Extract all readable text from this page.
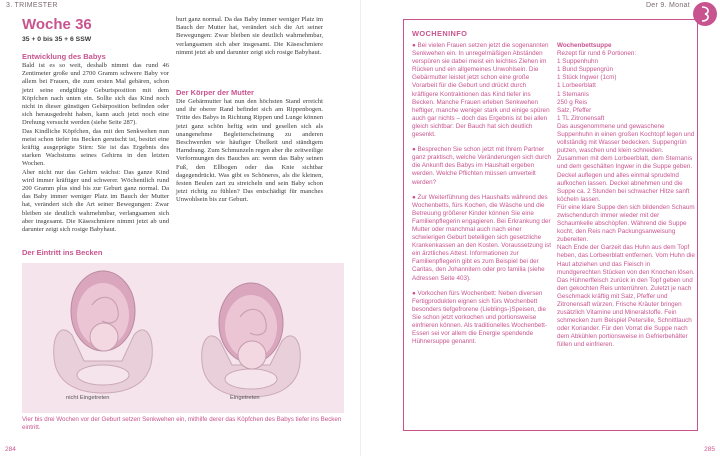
3. TRIMESTER	Der 9. Monat
Woche 36
35 + 0 bis 35 + 6 SSW
Entwicklung des Babys

Bald ist es so weit, deshalb nimmt das rund 46 Zentimeter große und 2700 Gramm schwere Baby vor allem bei Frauen, die zum ersten Mal gebären, schon jetzt seine endgültige Geburtsposition mit dem Köpfchen nach unten ein. Sollte sich das Kind noch nicht in dieser günstigen Gebärposition befinden oder sich herausgedreht haben, kann auch jetzt noch eine Drehung versucht werden (siehe Seite 287).

Das Kindliche Köpfchen, das mit den Senkwehen nun meist schon tiefer ins Becken gerutscht ist, besitzt eine kräftig ausgeprägte Stirn: Sie ist das Ergebnis des starken Wachstums seines Gehirns in den letzten Wochen.

Aber nicht nur das Gehirn wächst: Das ganze Kind wird immer kräftiger und schwerer. Wöchentlich rund 200 Gramm plus sind bis zur Geburt ganz normal. Da das Baby immer weniger Platz im Bauch der Mutter hat, verändert sich die Art seiner Bewegungen: Zwar bleiben sie deutlich wahrnehmbar, verlangsamen sich aber insgesamt. Die Käseschmiere nimmt jetzt ab und darunter zeigt sich rosige Babyhaut.

burt ganz normal. Da das Baby immer weniger Platz im Bauch der Mutter hat, verändert sich die Art seiner Bewegungen: Zwar bleiben sie deutlich wahrnehmbar, verlangsamen sich aber insgesamt. Die Käseschmiere nimmt jetzt ab und darunter zeigt sich rosige Babyhaut.

Der Körper der Mutter

Die Gebärmutter hat nun den höchsten Stand erreicht und ihr oberer Rand befindet sich am Rippenbogen. Tritte des Babys in Richtung Rippen und Lunge können jetzt ganz schön heftig sein und gesellen sich als unangenehme Begleiterscheinung zu anderen Beschwerden wie häufiger Übelkeit und ständigem Harndrang. Zum Schmunzeln regen aber die zeitweilige Verformungen des Bauches an: wenn das Baby seinen Fuß, den Ellbogen oder das Knie sichtbar dagegendrückt. Was gibt es Schöneres, als die kleinen, festen Beulen zart zu streicheln und sein Baby schon jetzt richtig zu fühlen? Das entschädigt für manches Unwohlsein bis zur Geburt.

Der Eintritt ins Becken
nicht Eingetreten	Eingetreten
Vier bis drei Wochen vor der Geburt setzen Senkwehen ein, mithilfe derer das Köpfchen des Babys tiefer ins Becken eintritt.
284
WOCHENINFO

● Bei vielen Frauen setzen jetzt die sogenannten Senkwehen ein. In unregelmäßigen Abständen verspüren sie dabei meist ein leichtes Ziehen im Rücken und ein allgemeines Unwohlsein. Die Gebärmutter leistet jetzt schon eine große Vorarbeit für die Geburt und drückt durch kräftigere Kontraktionen das Kind tiefer ins Becken. Manche Frauen erleben Senkwehen heftiger, manche weniger stark und einige spüren auch gar nichts – doch das Ergebnis ist bei allen gleich sichtbar: Der Bauch hat sich deutlich gesenkt.

● Besprechen Sie schon jetzt mit Ihrem Partner ganz praktisch, welche Veränderungen sich durch die Ankunft des Babys im Haushalt ergeben werden. Welche Pflichten müssen umverteilt werden?

● Zur Weiterführung des Haushalts während des Wochenbetts, fürs Kochen, die Wäsche und die Betreuung größerer Kinder können Sie eine Familienpflegerin engagieren. Bei Erkrankung der Mutter oder manchmal auch nach einer schwierigen Geburt beteiligen sich gesetzliche Krankenkassen an den Kosten. Voraussetzung ist ein ärztliches Attest. Informationen zur Familienpflegerin gibt es zum Beispiel bei der Caritas, den Johannitern oder pro familia (siehe Adressen Seite 403).

● Vorkochen fürs Wochenbett: Neben diversen Fertigprodukten eignen sich fürs Wochenbett besonders tiefgefrorene (Lieblings-)Speisen, die Sie schon jetzt vorkochen und portionsweise einfrieren können. Als traditionelles Wochenbett-Essen sei vor allem die Energie spendende Hühnersuppe genannt.

Wochenbettsuppe
Rezept für rund 6 Portionen:
1 Suppenhuhn
1 Bund Suppengrün
1 Stück Ingwer (1cm)
1 Lorbeerblatt
1 Sternanis
250 g Reis
Salz, Pfeffer
1 TL Zitronensaft
Das ausgenommene und gewaschene Suppenhuhn in einen großen Kochtopf legen und vollständig mit Wasser bedecken. Suppengrün putzen, waschen und klein schneiden. Zusammen mit dem Lorbeerblatt, dem Sternanis und dem geschälten Ingwer in die Suppe geben. Deckel auflegen und alles einmal sprudelnd aufkochen lassen. Deckel abnehmen und die Suppe ca. 2 Stunden bei schwacher Hitze sanft köcheln lassen.
Für eine klare Suppe den sich bildenden Schaum zwischendurch immer wieder mit der Schaumkelle abschöpfen. Während die Suppe kocht, den Reis nach Packungsanweisung zubereiten.
Nach Ende der Garzeit das Huhn aus dem Topf heben, das Lorbeerblatt entfernen. Vom Huhn die Haut abziehen und das Fleisch in mundgerechten Stücken von den Knochen lösen.
Das Hühnerfleisch zurück in den Topf geben und den gekochten Reis unterrühren. Zuletzt je nach Geschmack kräftig mit Salz, Pfeffer und Zitronensaft würzen. Frische Kräuter bringen zusätzlich Vitamine und Mineralstoffe. Fein schmecken zum Beispiel Petersilie, Schnittlauch oder Koriander. Für den Vorrat die Suppe nach dem Abkühlen portionsweise in Gefrierbehälter füllen und einfrieren.
285
